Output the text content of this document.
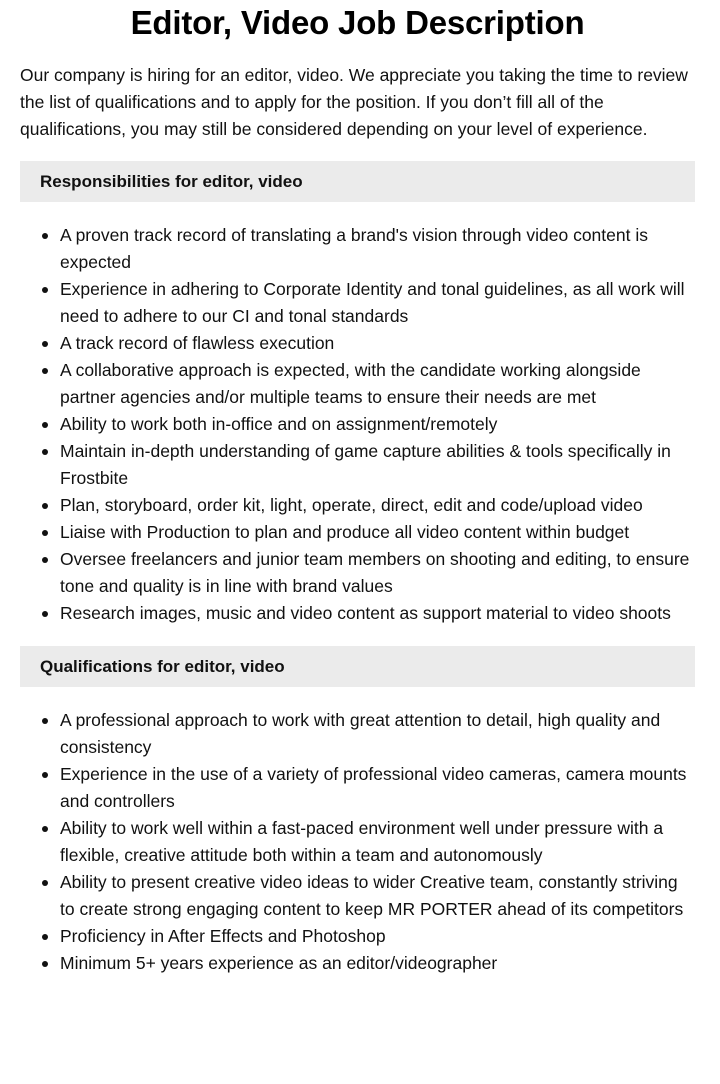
Editor, Video Job Description

Our company is hiring for an editor, video. We appreciate you taking the time to review the list of qualifications and to apply for the position. If you don’t fill all of the qualifications, you may still be considered depending on your level of experience.

Responsibilities for editor, video
A proven track record of translating a brand's vision through video content is expected
Experience in adhering to Corporate Identity and tonal guidelines, as all work will need to adhere to our CI and tonal standards
A track record of flawless execution
A collaborative approach is expected, with the candidate working alongside partner agencies and/or multiple teams to ensure their needs are met
Ability to work both in-office and on assignment/remotely
Maintain in-depth understanding of game capture abilities & tools specifically in Frostbite
Plan, storyboard, order kit, light, operate, direct, edit and code/upload video
Liaise with Production to plan and produce all video content within budget
Oversee freelancers and junior team members on shooting and editing, to ensure tone and quality is in line with brand values
Research images, music and video content as support material to video shoots
Qualifications for editor, video
A professional approach to work with great attention to detail, high quality and consistency
Experience in the use of a variety of professional video cameras, camera mounts and controllers
Ability to work well within a fast-paced environment well under pressure with a flexible, creative attitude both within a team and autonomously
Ability to present creative video ideas to wider Creative team, constantly striving to create strong engaging content to keep MR PORTER ahead of its competitors
Proficiency in After Effects and Photoshop
Minimum 5+ years experience as an editor/videographer
